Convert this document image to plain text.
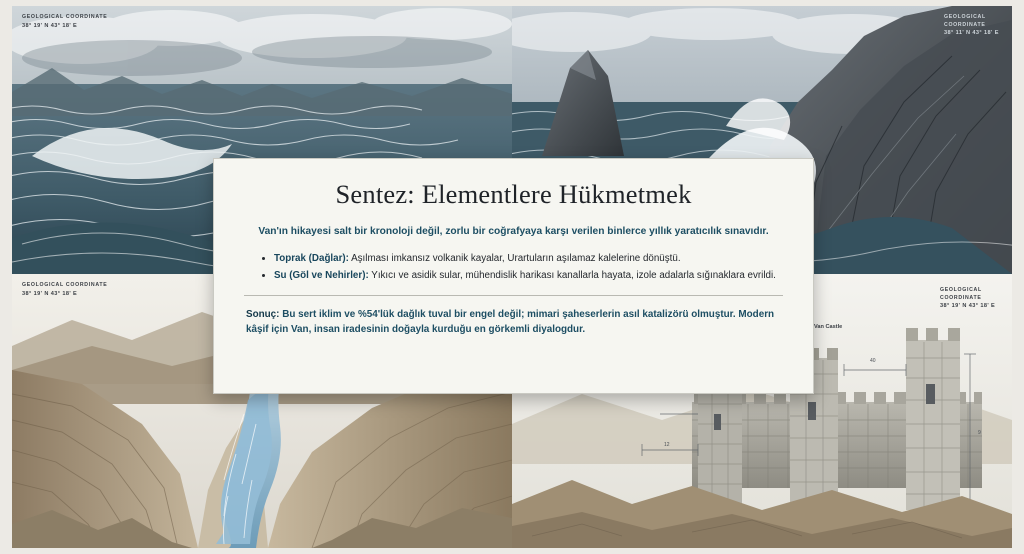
GEOLOGICAL COORDINATE
38° 19' N 43° 18' E
GEOLOGICAL COORDINATE
38° 11' N 43° 18' E
GEOLOGICAL COORDINATE
38° 19' N 43° 18' E
12
40
9
Van Castle
GEOLOGICAL COORDINATE
38° 19' N 43° 18' E
Sentez: Elementlere Hükmetmek

Van'ın hikayesi salt bir kronoloji değil, zorlu bir coğrafyaya karşı verilen binlerce yıllık yaratıcılık sınavıdır.

• Toprak (Dağlar): Aşılması imkansız volkanik kayalar, Urartuların aşılamaz kalelerine dönüştü.
• Su (Göl ve Nehirler): Yıkıcı ve asidik sular, mühendislik harikası kanallarla hayata, izole adalarla sığınaklara evrildi.

Sonuç: Bu sert iklim ve %54'lük dağlık tuval bir engel değil; mimari şaheserlerin asıl katalizörü olmuştur. Modern kâşif için Van, insan iradesinin doğayla kurduğu en görkemli diyalogdur.
